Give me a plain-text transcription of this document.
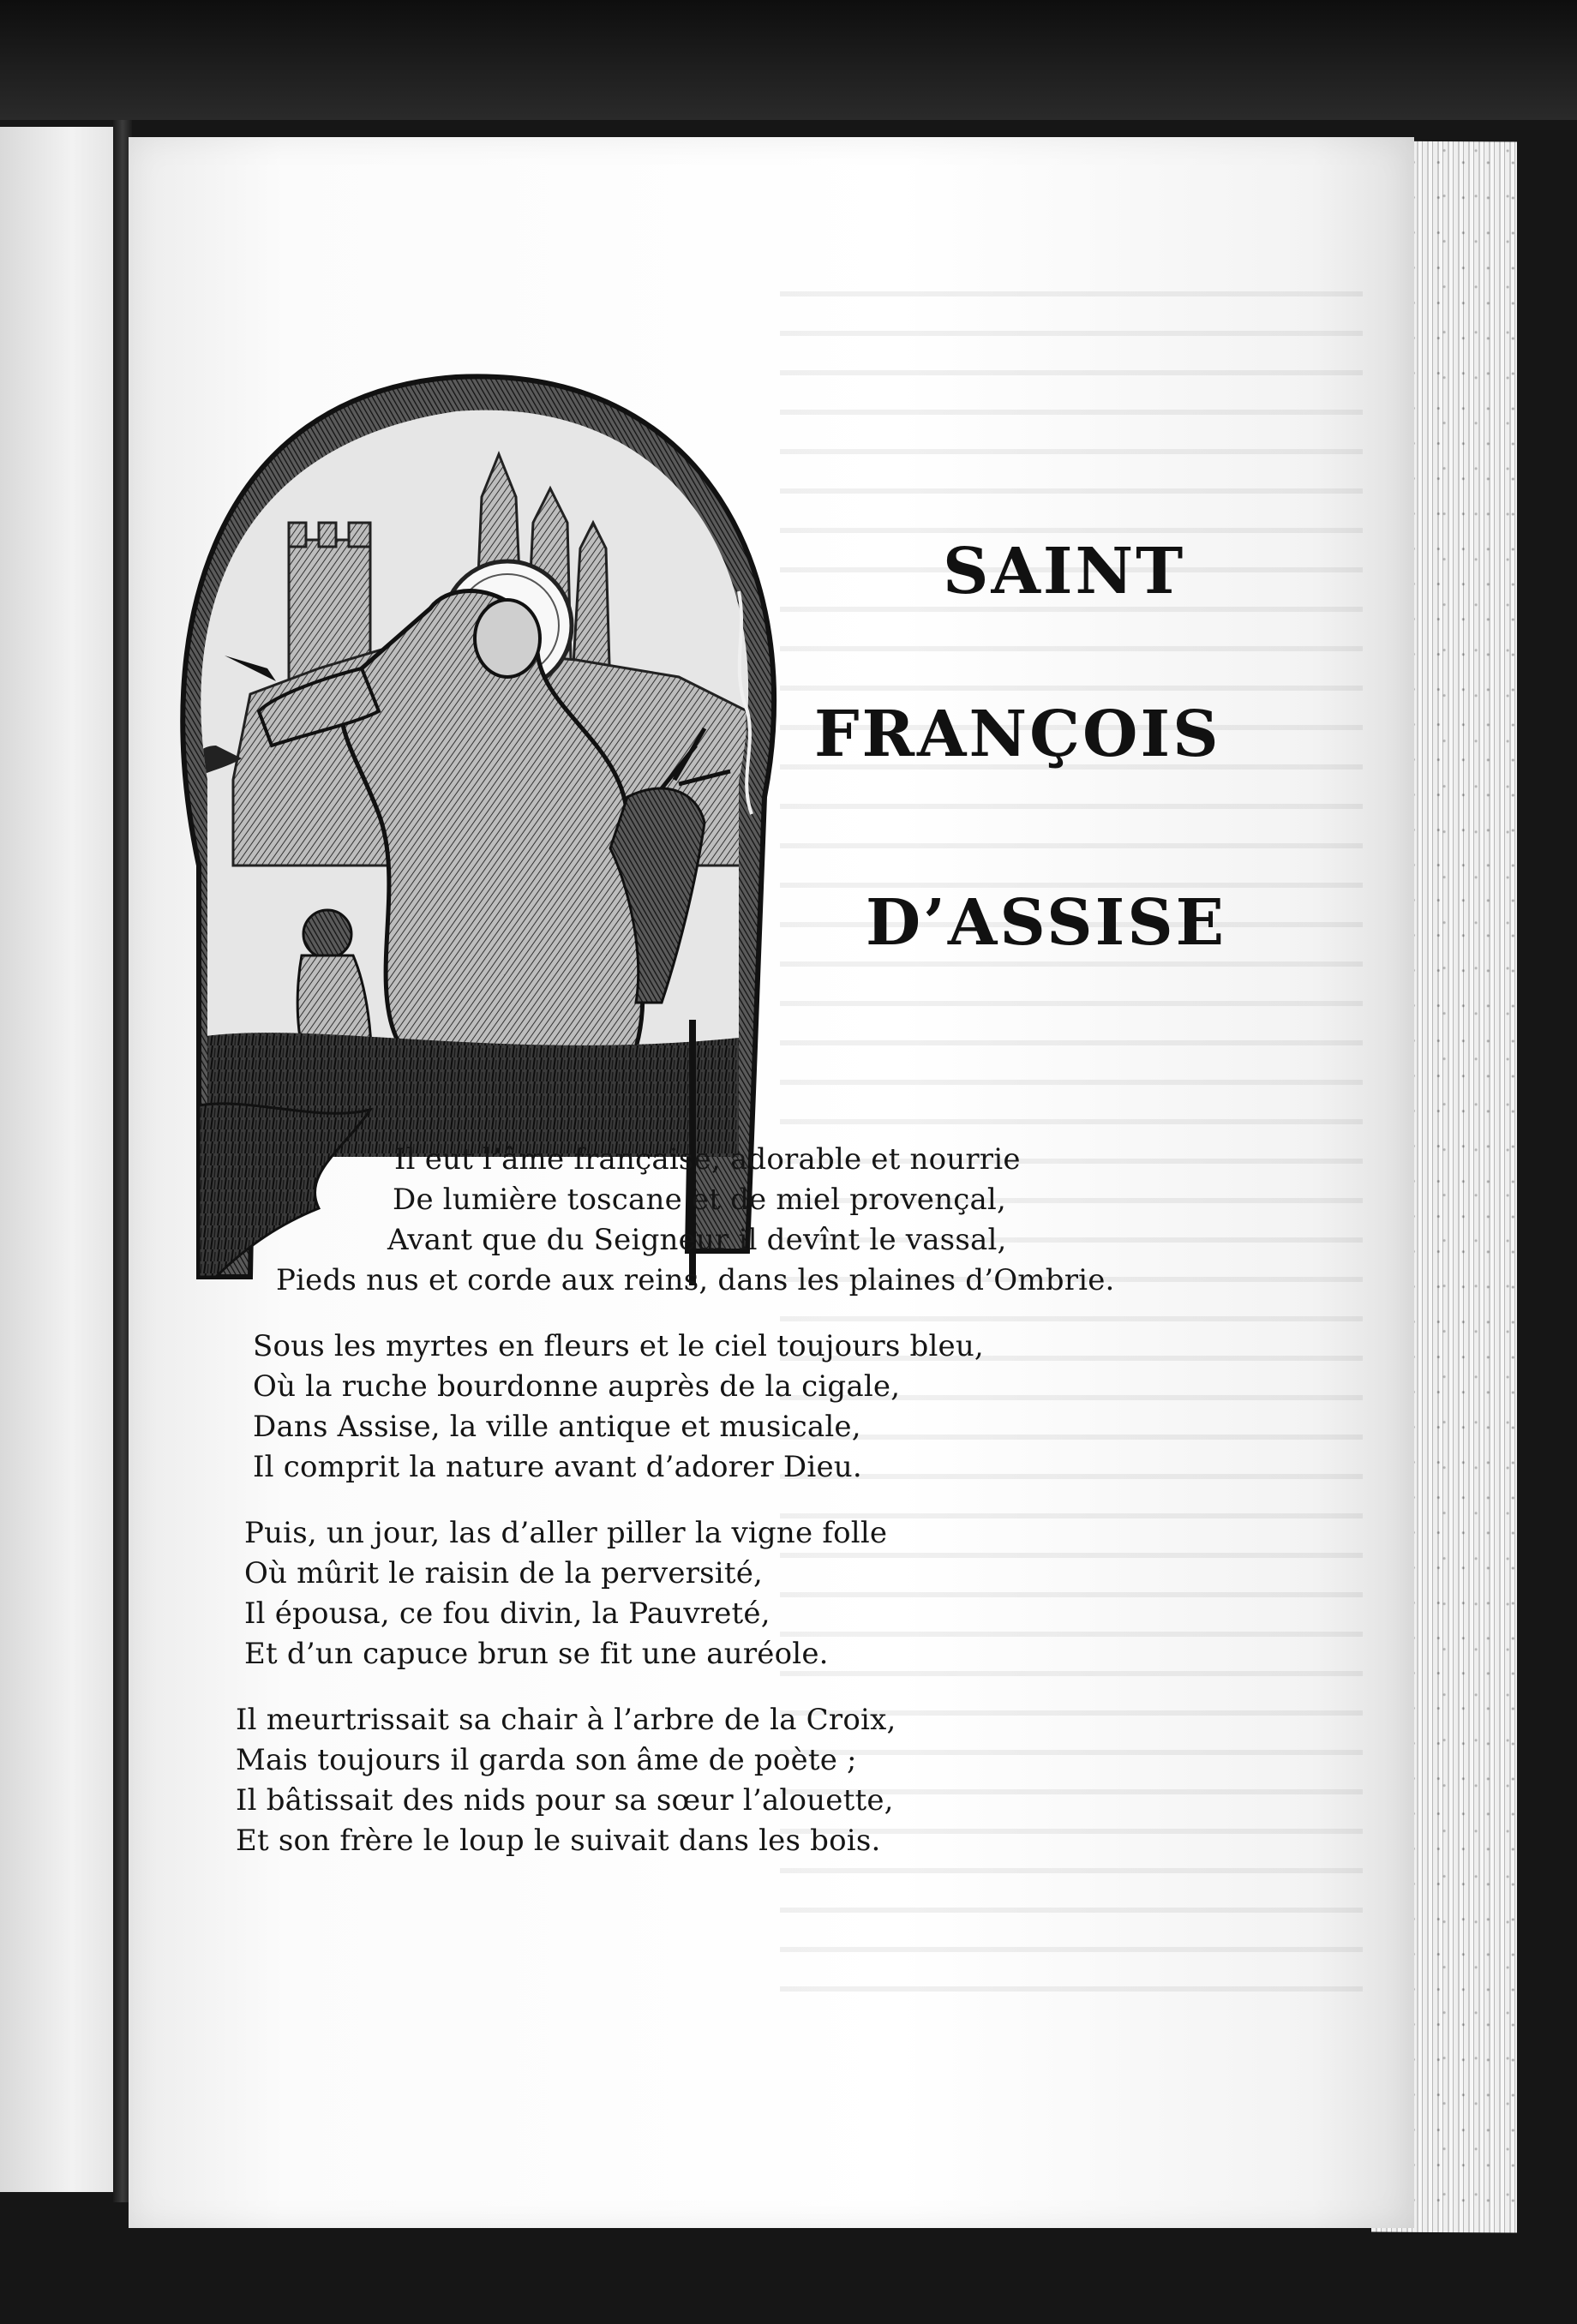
SAINT
FRANÇOIS
D’ASSISE
Il eut l’âme française, adorable et nourrie
De lumière toscane et de miel provençal,
Avant que du Seigneur il devînt le vassal,
Pieds nus et corde aux reins, dans les plaines d’Ombrie.
Sous les myrtes en fleurs et le ciel toujours bleu,
Où la ruche bourdonne auprès de la cigale,
Dans Assise, la ville antique et musicale,
Il comprit la nature avant d’adorer Dieu.
Puis, un jour, las d’aller piller la vigne folle
Où mûrit le raisin de la perversité,
Il épousa, ce fou divin, la Pauvreté,
Et d’un capuce brun se fit une auréole.
Il meurtrissait sa chair à l’arbre de la Croix,
Mais toujours il garda son âme de poète ;
Il bâtissait des nids pour sa sœur l’alouette,
Et son frère le loup le suivait dans les bois.
